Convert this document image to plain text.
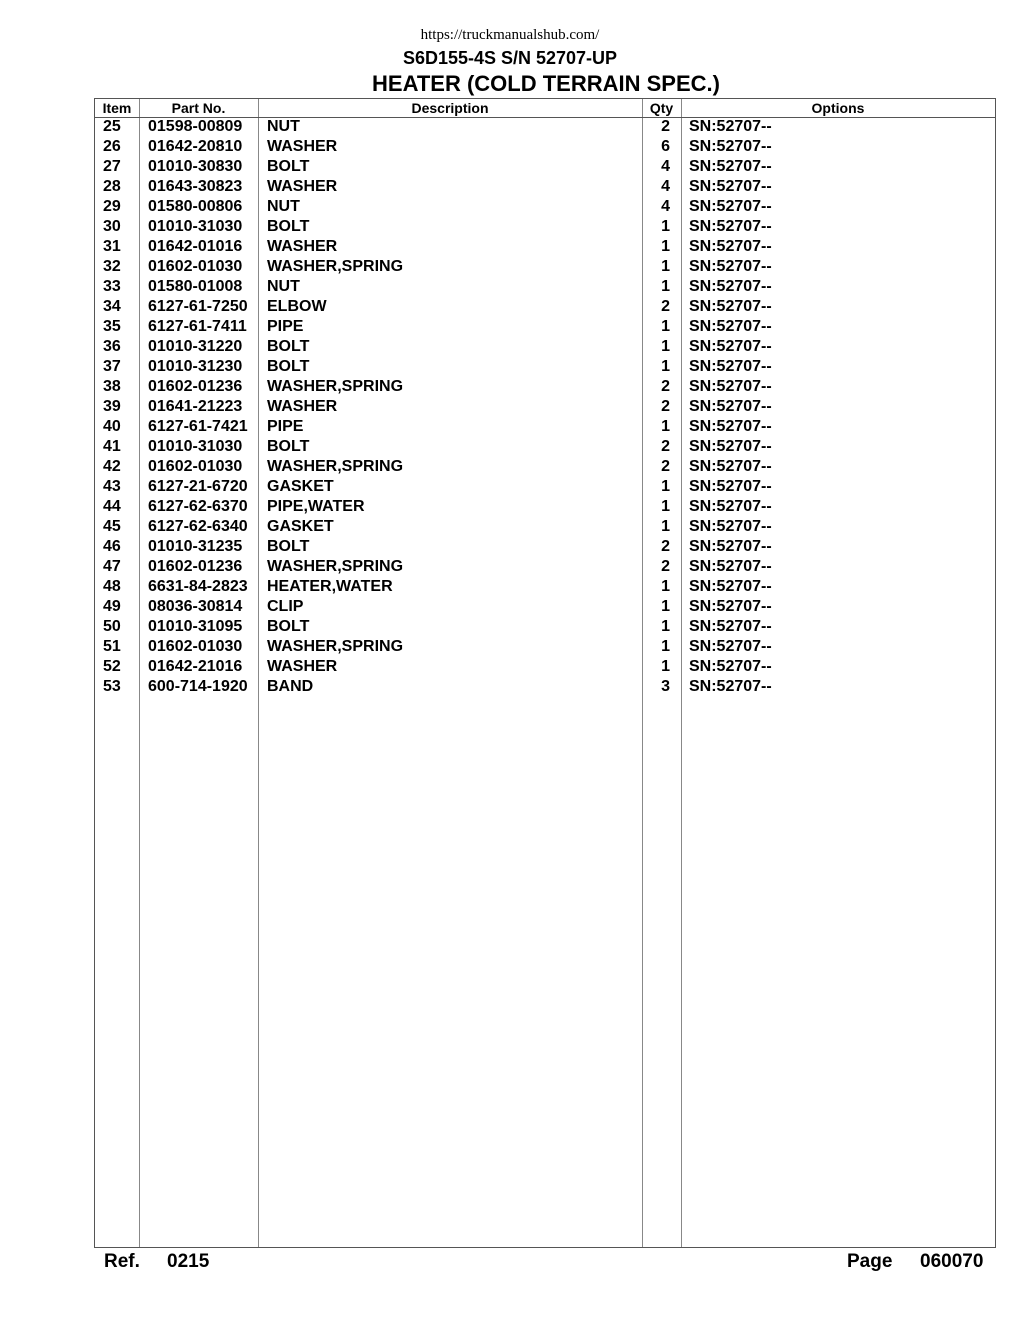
https://truckmanualshub.com/
S6D155-4S S/N 52707-UP
HEATER (COLD TERRAIN SPEC.)
Item	Part No.	Description	Qty	Options
25 01598-00809 NUT	2 SN:52707--
26 01642-20810 WASHER	6 SN:52707--
27 01010-30830 BOLT	4 SN:52707--
28 01643-30823 WASHER	4 SN:52707--
29 01580-00806 NUT	4 SN:52707--
30 01010-31030 BOLT	1 SN:52707--
31 01642-01016 WASHER	1 SN:52707--
32 01602-01030 WASHER,SPRING	1 SN:52707--
33 01580-01008 NUT	1 SN:52707--
34 6127-61-7250 ELBOW	2 SN:52707--
35 6127-61-7411 PIPE	1 SN:52707--
36 01010-31220 BOLT	1 SN:52707--
37 01010-31230 BOLT	1 SN:52707--
38 01602-01236 WASHER,SPRING	2 SN:52707--
39 01641-21223 WASHER	2 SN:52707--
40 6127-61-7421 PIPE	1 SN:52707--
41 01010-31030 BOLT	2 SN:52707--
42 01602-01030 WASHER,SPRING	2 SN:52707--
43 6127-21-6720 GASKET	1 SN:52707--
44 6127-62-6370 PIPE,WATER	1 SN:52707--
45 6127-62-6340 GASKET	1 SN:52707--
46 01010-31235 BOLT	2 SN:52707--
47 01602-01236 WASHER,SPRING	2 SN:52707--
48 6631-84-2823 HEATER,WATER	1 SN:52707--
49 08036-30814 CLIP	1 SN:52707--
50 01010-31095 BOLT	1 SN:52707--
51 01602-01030 WASHER,SPRING	1 SN:52707--
52 01642-21016 WASHER	1 SN:52707--
53 600-714-1920 BAND	3 SN:52707--
Ref. 0215	Page 060070
